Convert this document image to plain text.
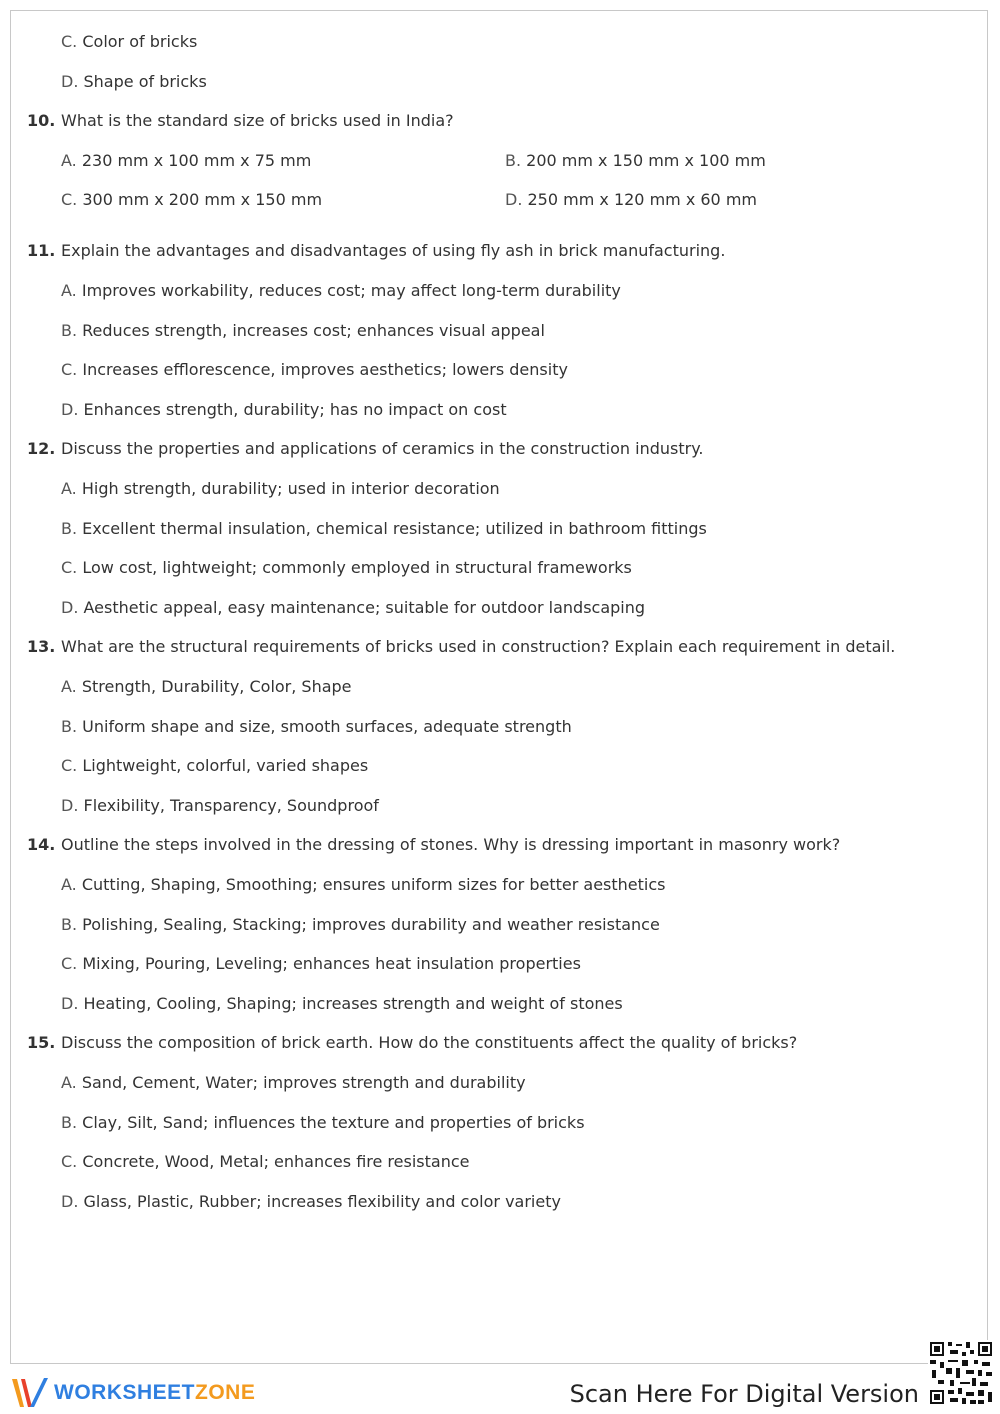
C. Color of bricks
D. Shape of bricks
10. What is the standard size of bricks used in India?
A. 230 mm x 100 mm x 75 mm	B. 200 mm x 150 mm x 100 mm
C. 300 mm x 200 mm x 150 mm	D. 250 mm x 120 mm x 60 mm
11. Explain the advantages and disadvantages of using fly ash in brick manufacturing.
A. Improves workability, reduces cost; may affect long-term durability
B. Reduces strength, increases cost; enhances visual appeal
C. Increases efflorescence, improves aesthetics; lowers density
D. Enhances strength, durability; has no impact on cost
12. Discuss the properties and applications of ceramics in the construction industry.
A. High strength, durability; used in interior decoration
B. Excellent thermal insulation, chemical resistance; utilized in bathroom fittings
C. Low cost, lightweight; commonly employed in structural frameworks
D. Aesthetic appeal, easy maintenance; suitable for outdoor landscaping
13. What are the structural requirements of bricks used in construction? Explain each requirement in detail.
A. Strength, Durability, Color, Shape
B. Uniform shape and size, smooth surfaces, adequate strength
C. Lightweight, colorful, varied shapes
D. Flexibility, Transparency, Soundproof
14. Outline the steps involved in the dressing of stones. Why is dressing important in masonry work?
A. Cutting, Shaping, Smoothing; ensures uniform sizes for better aesthetics
B. Polishing, Sealing, Stacking; improves durability and weather resistance
C. Mixing, Pouring, Leveling; enhances heat insulation properties
D. Heating, Cooling, Shaping; increases strength and weight of stones
15. Discuss the composition of brick earth. How do the constituents affect the quality of bricks?
A. Sand, Cement, Water; improves strength and durability
B. Clay, Silt, Sand; influences the texture and properties of bricks
C. Concrete, Wood, Metal; enhances fire resistance
D. Glass, Plastic, Rubber; increases flexibility and color variety
WORKSHEETZONE	Scan Here For Digital Version
